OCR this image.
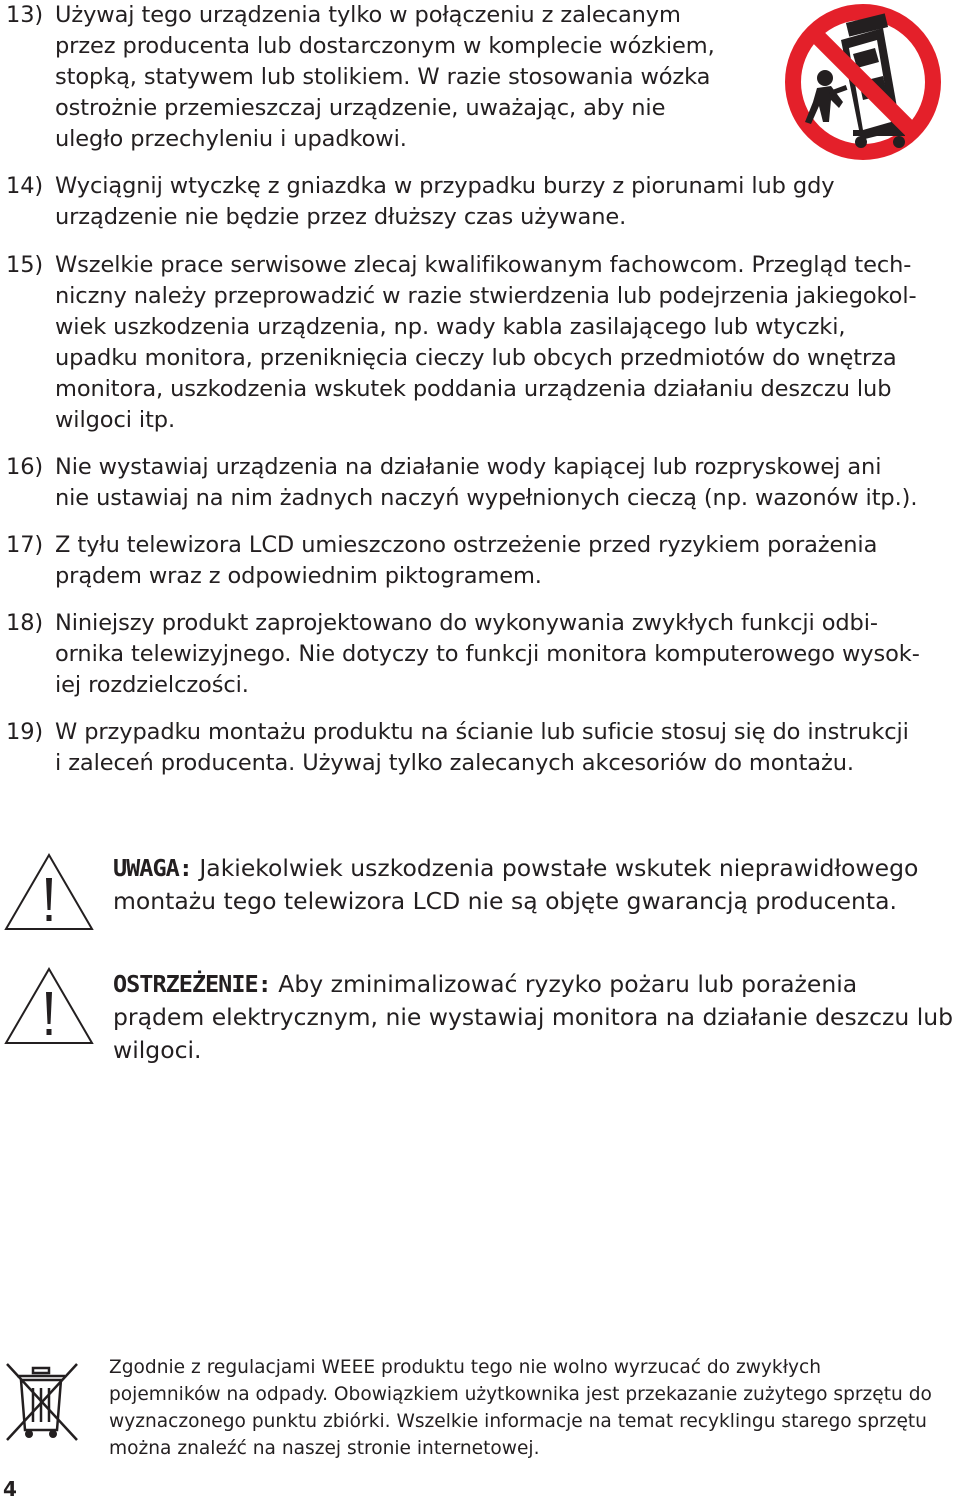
13) Używaj tego urządzenia tylko w połączeniu z zalecanym
przez producenta lub dostarczonym w komplecie wózkiem,
stopką, statywem lub stolikiem. W razie stosowania wózka
ostrożnie przemieszczaj urządzenie, uważając, aby nie
uległo przechyleniu i upadkowi.

14) Wyciągnij wtyczkę z gniazdka w przypadku burzy z piorunami lub gdy
urządzenie nie będzie przez dłuższy czas używane.

15) Wszelkie prace serwisowe zlecaj kwalifikowanym fachowcom. Przegląd tech-
niczny należy przeprowadzić w razie stwierdzenia lub podejrzenia jakiegokol-
wiek uszkodzenia urządzenia, np. wady kabla zasilającego lub wtyczki,
upadku monitora, przeniknięcia cieczy lub obcych przedmiotów do wnętrza
monitora, uszkodzenia wskutek poddania urządzenia działaniu deszczu lub
wilgoci itp.

16) Nie wystawiaj urządzenia na działanie wody kapiącej lub rozpryskowej ani
nie ustawiaj na nim żadnych naczyń wypełnionych cieczą (np. wazonów itp.).

17) Z tyłu telewizora LCD umieszczono ostrzeżenie przed ryzykiem porażenia
prądem wraz z odpowiednim piktogramem.

18) Niniejszy produkt zaprojektowano do wykonywania zwykłych funkcji odbi-
ornika telewizyjnego. Nie dotyczy to funkcji monitora komputerowego wysok-
iej rozdzielczości.

19) W przypadku montażu produktu na ścianie lub suficie stosuj się do instrukcji
i zaleceń producenta. Używaj tylko zalecanych akcesoriów do montażu.

UWAGA: Jakiekolwiek uszkodzenia powstałe wskutek nieprawidłowego
montażu tego telewizora LCD nie są objęte gwarancją producenta.

OSTRZEŻENIE: Aby zminimalizować ryzyko pożaru lub porażenia
prądem elektrycznym, nie wystawiaj monitora na działanie deszczu lub
wilgoci.

Zgodnie z regulacjami WEEE produktu tego nie wolno wyrzucać do zwykłych
pojemników na odpady. Obowiązkiem użytkownika jest przekazanie zużytego sprzętu do
wyznaczonego punktu zbiórki. Wszelkie informacje na temat recyklingu starego sprzętu
można znaleźć na naszej stronie internetowej.

4
